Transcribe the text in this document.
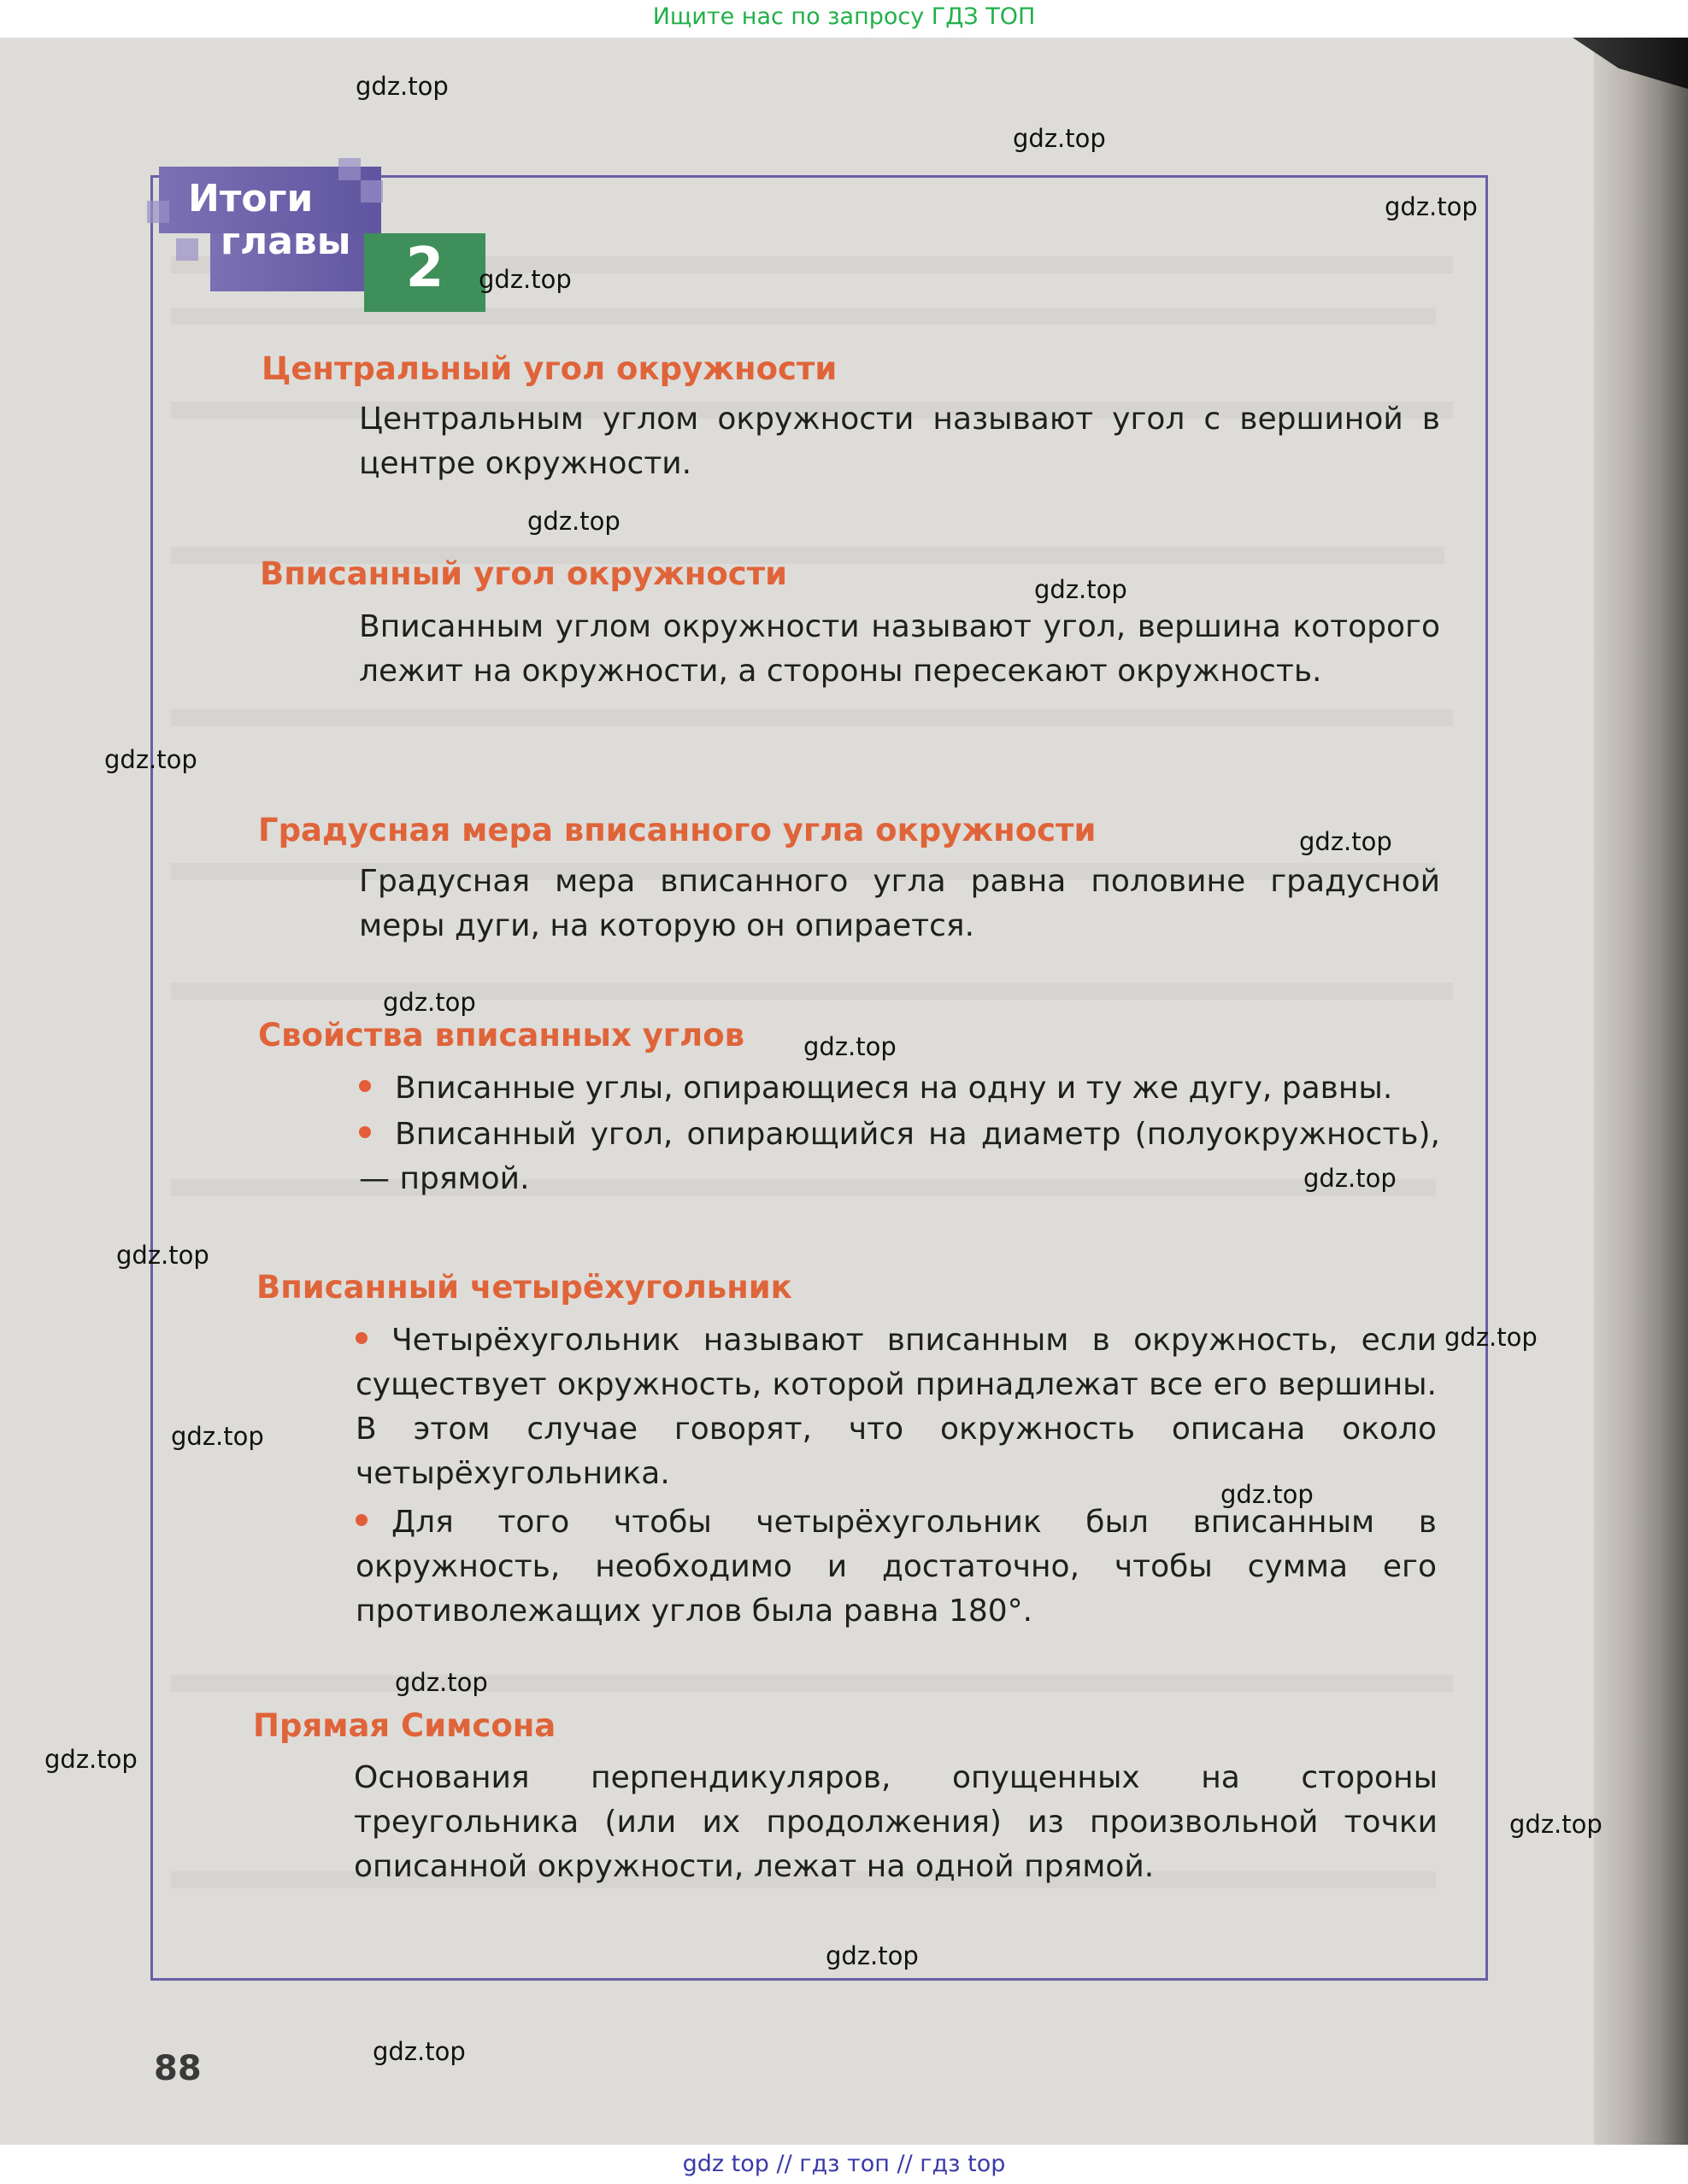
Ищите нас по запросу ГДЗ ТОП
Итоги
главы	2
Центральный угол окружности
Центральным углом окружности называют угол с вершиной в центре окружности.
Вписанный угол окружности
Вписанным углом окружности называют угол, вершина которого лежит на окружности, а стороны пересекают окружность.
Градусная мера вписанного угла окружности
Градусная мера вписанного угла равна половине градусной меры дуги, на которую он опирается.
Свойства вписанных углов
Вписанные углы, опирающиеся на одну и ту же дугу, равны.
Вписанный угол, опирающийся на диаметр (полуокружность), — прямой.
Вписанный четырёхугольник
Четырёхугольник называют вписанным в окружность, если существует окружность, которой принадлежат все его вершины. В этом случае говорят, что окружность описана около четырёхугольника.
Для того чтобы четырёхугольник был вписанным в окружность, необходимо и достаточно, чтобы сумма его противолежащих углов была равна 180°.
Прямая Симсона
Основания перпендикуляров, опущенных на стороны треугольника (или их продолжения) из произвольной точки описанной окружности, лежат на одной прямой.
gdz.top
gdz.top
gdz.top
gdz.top
gdz.top
gdz.top
gdz.top
gdz.top
gdz.top
gdz.top
gdz.top
gdz.top
gdz.top
gdz.top
gdz.top
gdz.top
gdz.top
gdz.top
gdz.top
gdz.top
88
gdz top // гдз топ // гдз top
